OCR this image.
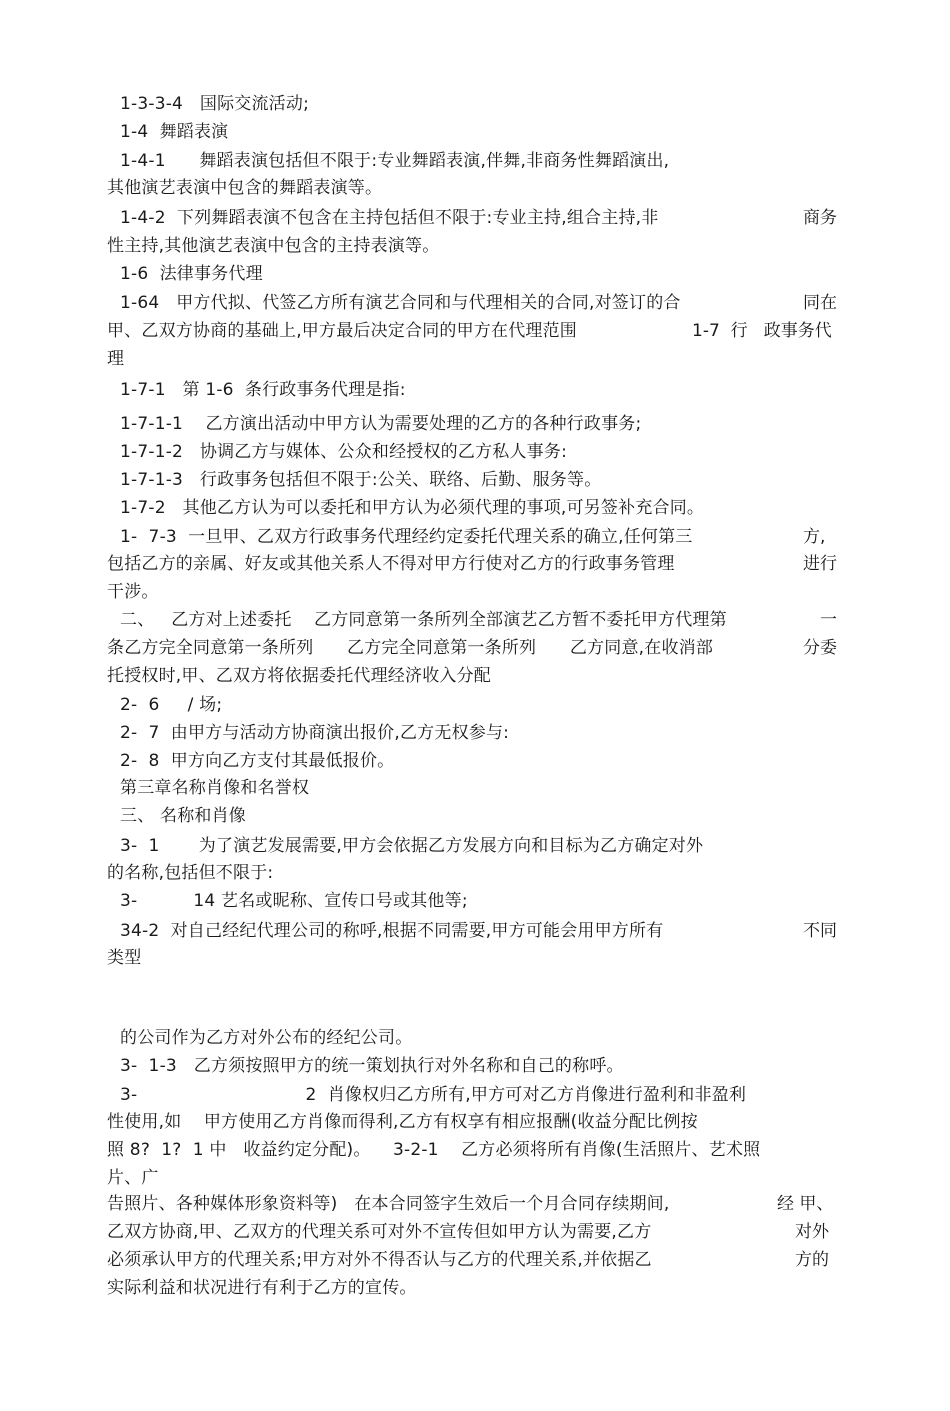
1-3-3-4   国际交流活动;
1-4  舞蹈表演
1-4-1      舞蹈表演包括但不限于:专业舞蹈表演,伴舞,非商务性舞蹈演出,
其他演艺表演中包含的舞蹈表演等。
1-4-2  下列舞蹈表演不包含在主持包括但不限于:专业主持,组合主持,非	商务
性主持,其他演艺表演中包含的主持表演等。
1-6  法律事务代理
1-64   甲方代拟、代签乙方所有演艺合同和与代理相关的合同,对签订的合	同在
甲、乙双方协商的基础上,甲方最后决定合同的甲方在代理范围	1-7  行   政事务代
理
1-7-1   第 1-6  条行政事务代理是指:
1-7-1-1    乙方演出活动中甲方认为需要处理的乙方的各种行政事务;
1-7-1-2   协调乙方与媒体、公众和经授权的乙方私人事务:
1-7-1-3   行政事务包括但不限于:公关、联络、后勤、服务等。
1-7-2   其他乙方认为可以委托和甲方认为必须代理的事项,可另签补充合同。
1-  7-3  一旦甲、乙双方行政事务代理经约定委托代理关系的确立,任何第三	方,
包括乙方的亲属、好友或其他关系人不得对甲方行使对乙方的行政事务管理	进行
干涉。
二、   乙方对上述委托    乙方同意第一条所列全部演艺乙方暂不委托甲方代理第	一
条乙方完全同意第一条所列      乙方完全同意第一条所列      乙方同意,在收消部	分委
托授权时,甲、乙双方将依据委托代理经济收入分配
2-  6     / 场;
2-  7  由甲方与活动方协商演出报价,乙方无权参与:
2-  8  甲方向乙方支付其最低报价。
第三章名称肖像和名誉权
三、 名称和肖像
3-  1       为了演艺发展需要,甲方会依据乙方发展方向和目标为乙方确定对外
的名称,包括但不限于:
3-          14 艺名或昵称、宣传口号或其他等;
34-2  对自己经纪代理公司的称呼,根据不同需要,甲方可能会用甲方所有	不同
类型
的公司作为乙方对外公布的经纪公司。
3-  1-3   乙方须按照甲方的统一策划执行对外名称和自己的称呼。
3-                              2  肖像权归乙方所有,甲方可对乙方肖像进行盈利和非盈利
性使用,如    甲方使用乙方肖像而得利,乙方有权享有相应报酬(收益分配比例按
照 8?  1?  1 中   收益约定分配)。    3-2-1    乙方必须将所有肖像(生活照片、艺术照
片、广
告照片、各种媒体形象资料等)   在本合同签字生效后一个月合同存续期间,	经 甲、
乙双方协商,甲、乙双方的代理关系可对外不宣传但如甲方认为需要,乙方	对外
必须承认甲方的代理关系;甲方对外不得否认与乙方的代理关系,并依据乙	方的
实际利益和状况进行有利于乙方的宣传。
